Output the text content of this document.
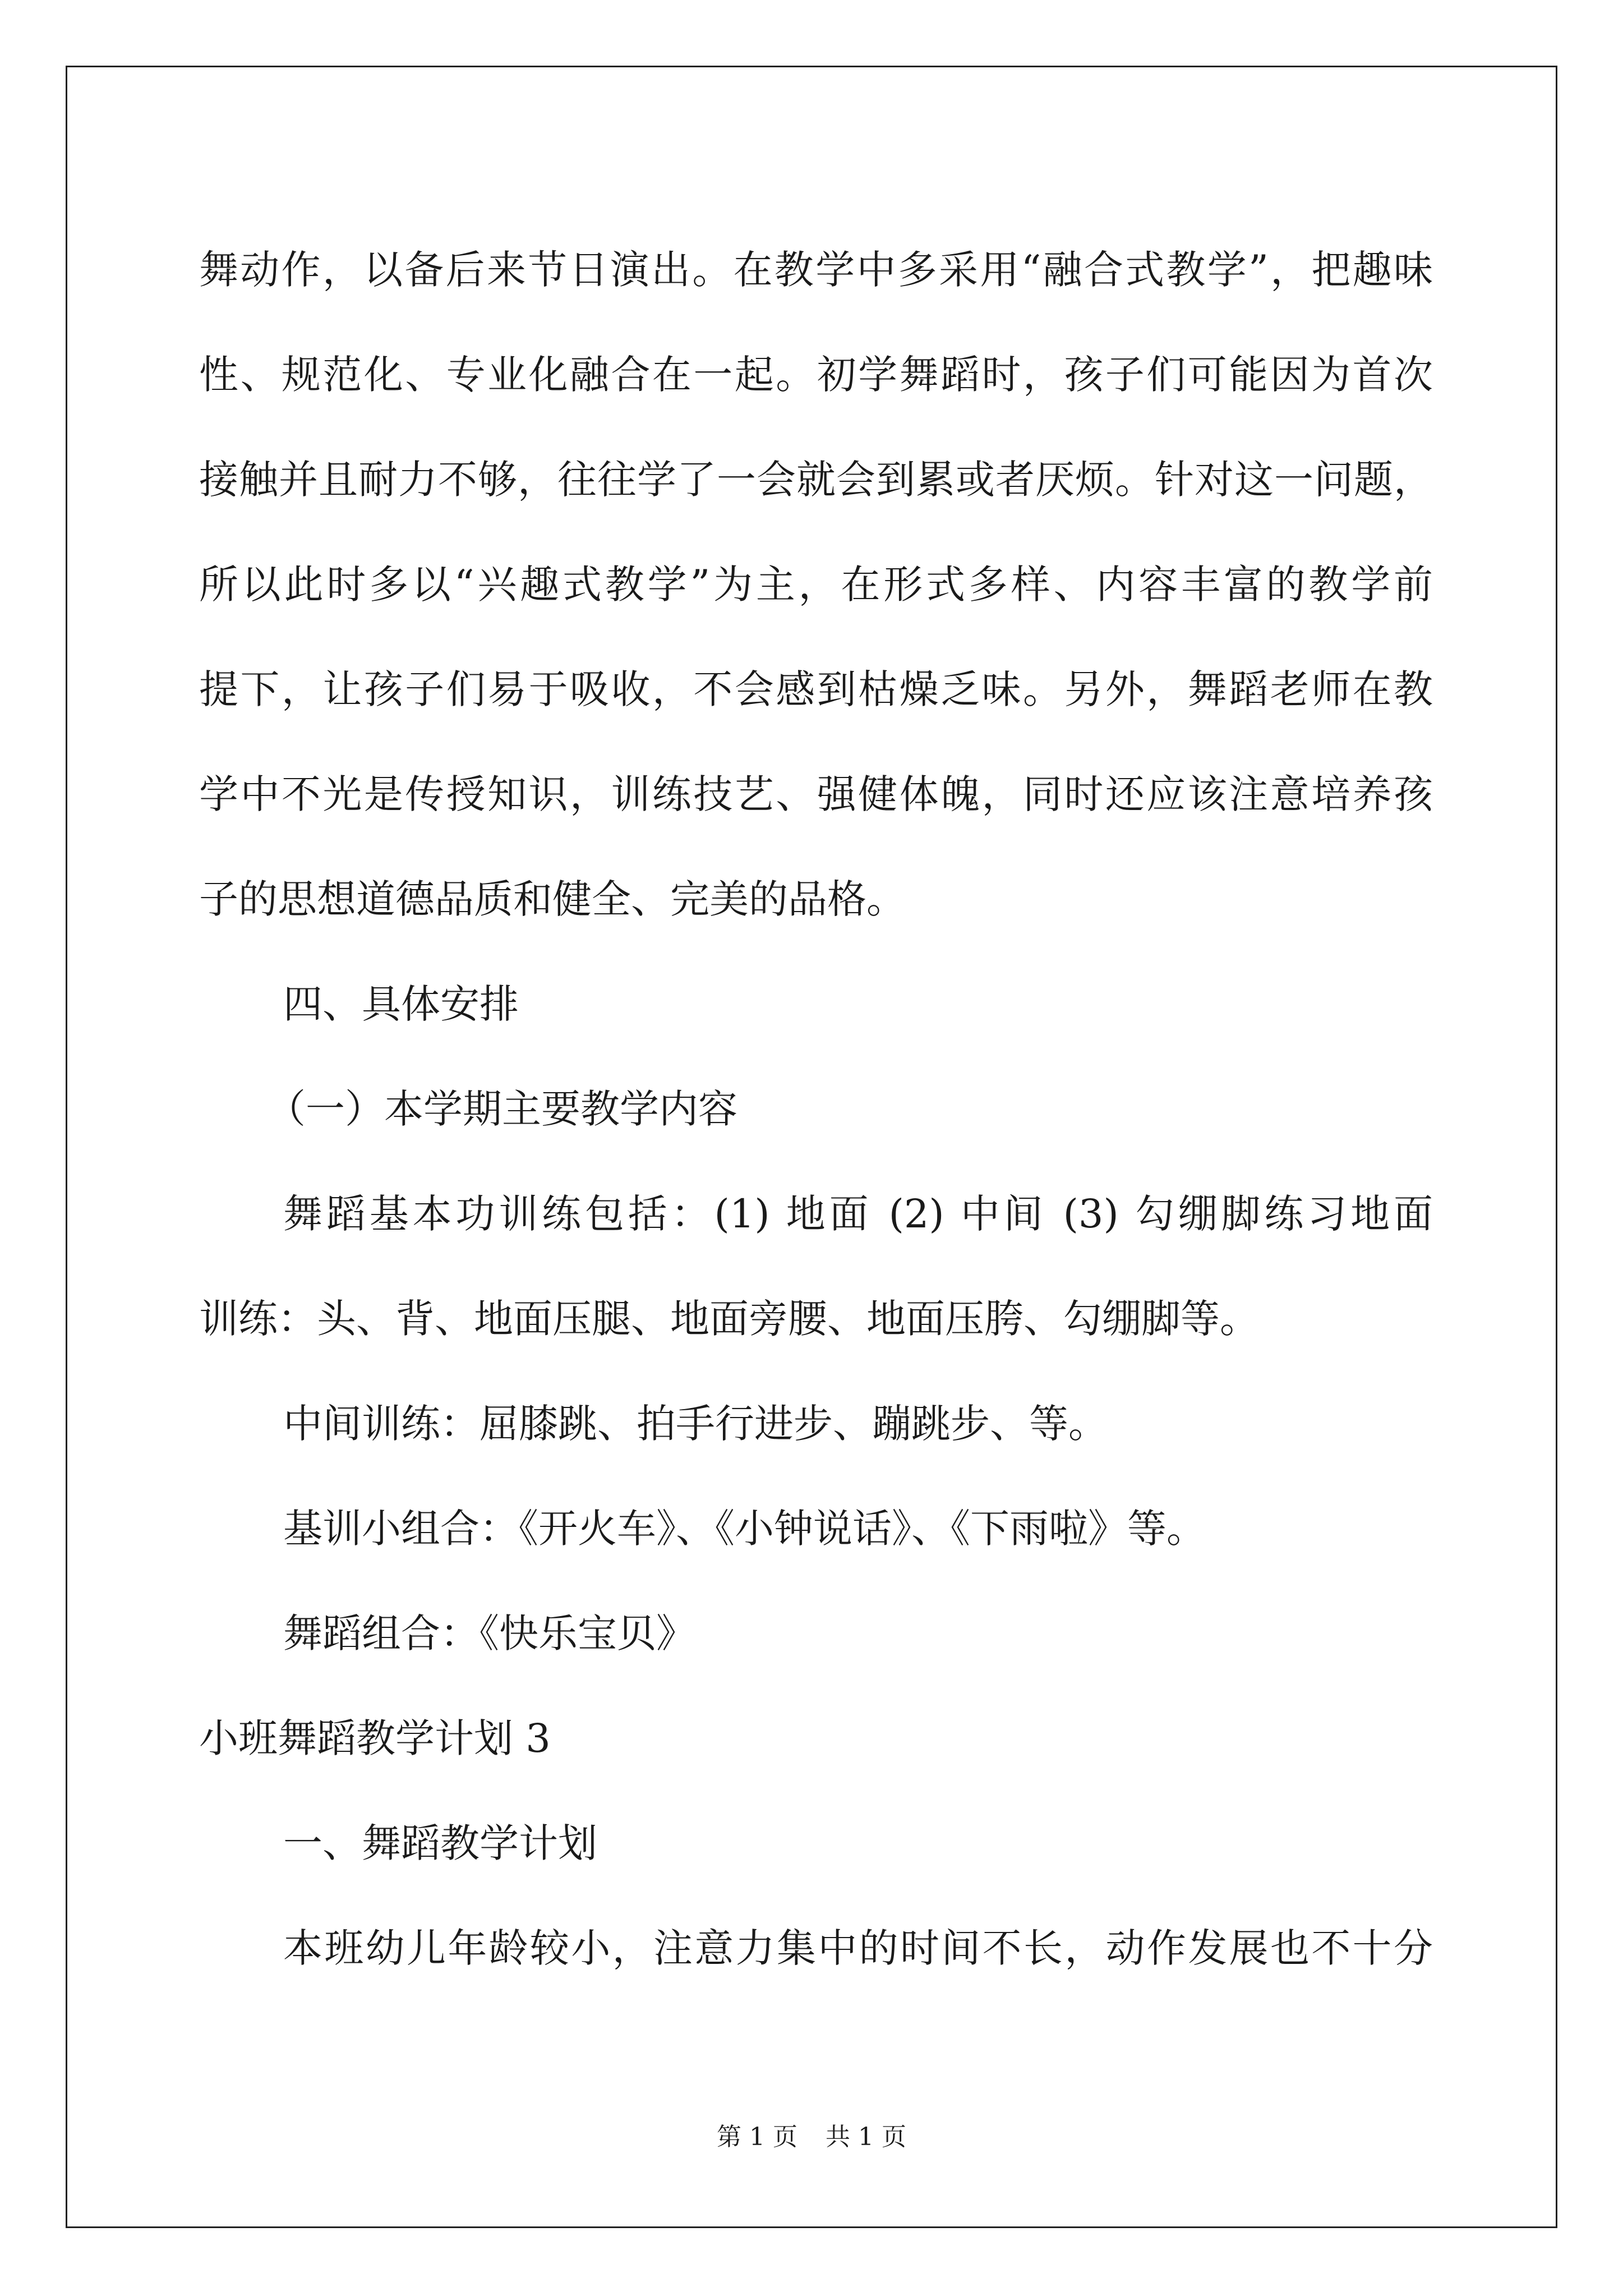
舞动作，以备后来节日演出。在教学中多采用“融合式教学”，把趣味
性、规范化、专业化融合在一起。初学舞蹈时，孩子们可能因为首次
接触并且耐力不够，往往学了一会就会到累或者厌烦。针对这一问题，
所以此时多以“兴趣式教学”为主，在形式多样、内容丰富的教学前
提下，让孩子们易于吸收，不会感到枯燥乏味。另外，舞蹈老师在教
学中不光是传授知识，训练技艺、强健体魄，同时还应该注意培养孩
子的思想道德品质和健全、完美的品格。
四、具体安排
（一）本学期主要教学内容
舞蹈基本功训练包括：(1) 地面 (2) 中间 (3) 勾绷脚练习地面
训练：头、背、地面压腿、地面旁腰、地面压胯、勾绷脚等。
中间训练：屈膝跳、拍手行进步、蹦跳步、等。
基训小组合：《开火车》、《小钟说话》、《下雨啦》等。
舞蹈组合：《快乐宝贝》
小班舞蹈教学计划 3
一、舞蹈教学计划
本班幼儿年龄较小，注意力集中的时间不长，动作发展也不十分
第 1 页 共 1 页
